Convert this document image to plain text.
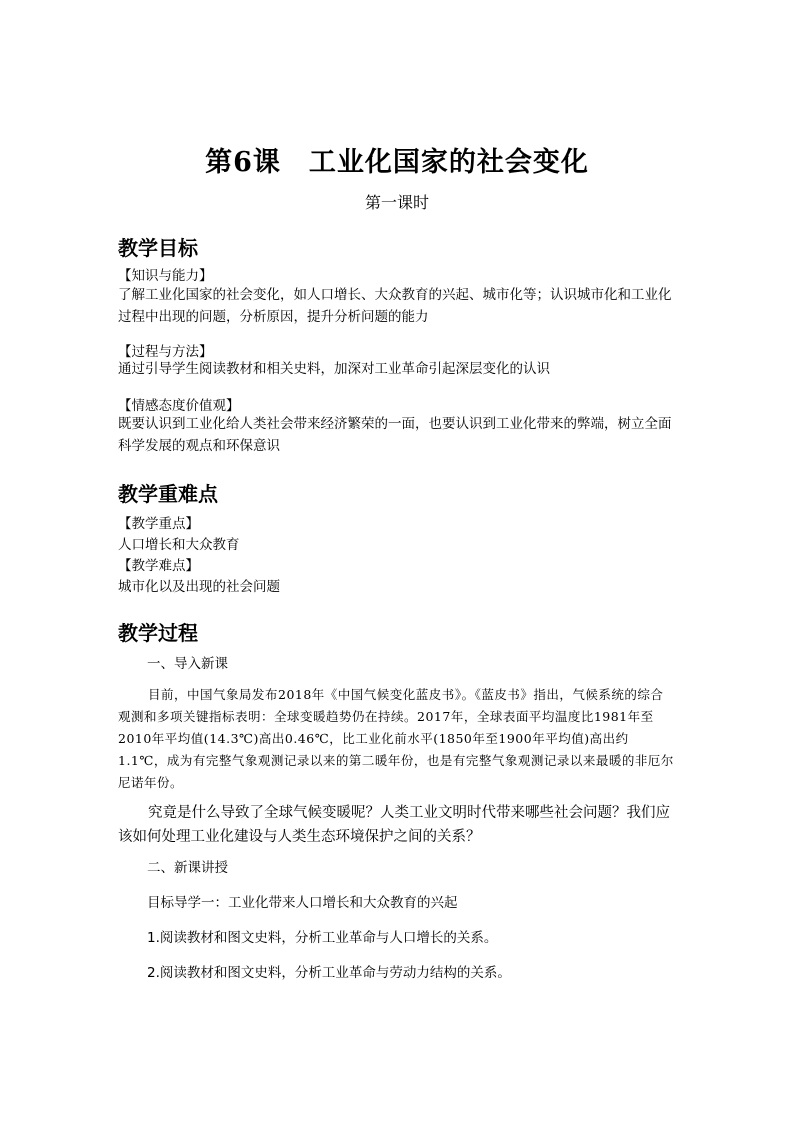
第6课　工业化国家的社会变化
第一课时
教学目标
【知识与能力】
了解工业化国家的社会变化，如人口增长、大众教育的兴起、城市化等；认识城市化和工业化过程中出现的问题，分析原因，提升分析问题的能力
【过程与方法】
通过引导学生阅读教材和相关史料，加深对工业革命引起深层变化的认识
【情感态度价值观】
既要认识到工业化给人类社会带来经济繁荣的一面，也要认识到工业化带来的弊端，树立全面科学发展的观点和环保意识
教学重难点
【教学重点】
人口增长和大众教育
【教学难点】
城市化以及出现的社会问题
教学过程
一、导入新课
目前，中国气象局发布2018年《中国气候变化蓝皮书》。《蓝皮书》指出，气候系统的综合观测和多项关键指标表明：全球变暖趋势仍在持续。2017年，全球表面平均温度比1981年至2010年平均值(14.3℃)高出0.46℃，比工业化前水平(1850年至1900年平均值)高出约1.1℃，成为有完整气象观测记录以来的第二暖年份，也是有完整气象观测记录以来最暖的非厄尔尼诺年份。
究竟是什么导致了全球气候变暖呢？人类工业文明时代带来哪些社会问题？我们应该如何处理工业化建设与人类生态环境保护之间的关系？
二、新课讲授
目标导学一：工业化带来人口增长和大众教育的兴起
1.阅读教材和图文史料，分析工业革命与人口增长的关系。
2.阅读教材和图文史料，分析工业革命与劳动力结构的关系。
